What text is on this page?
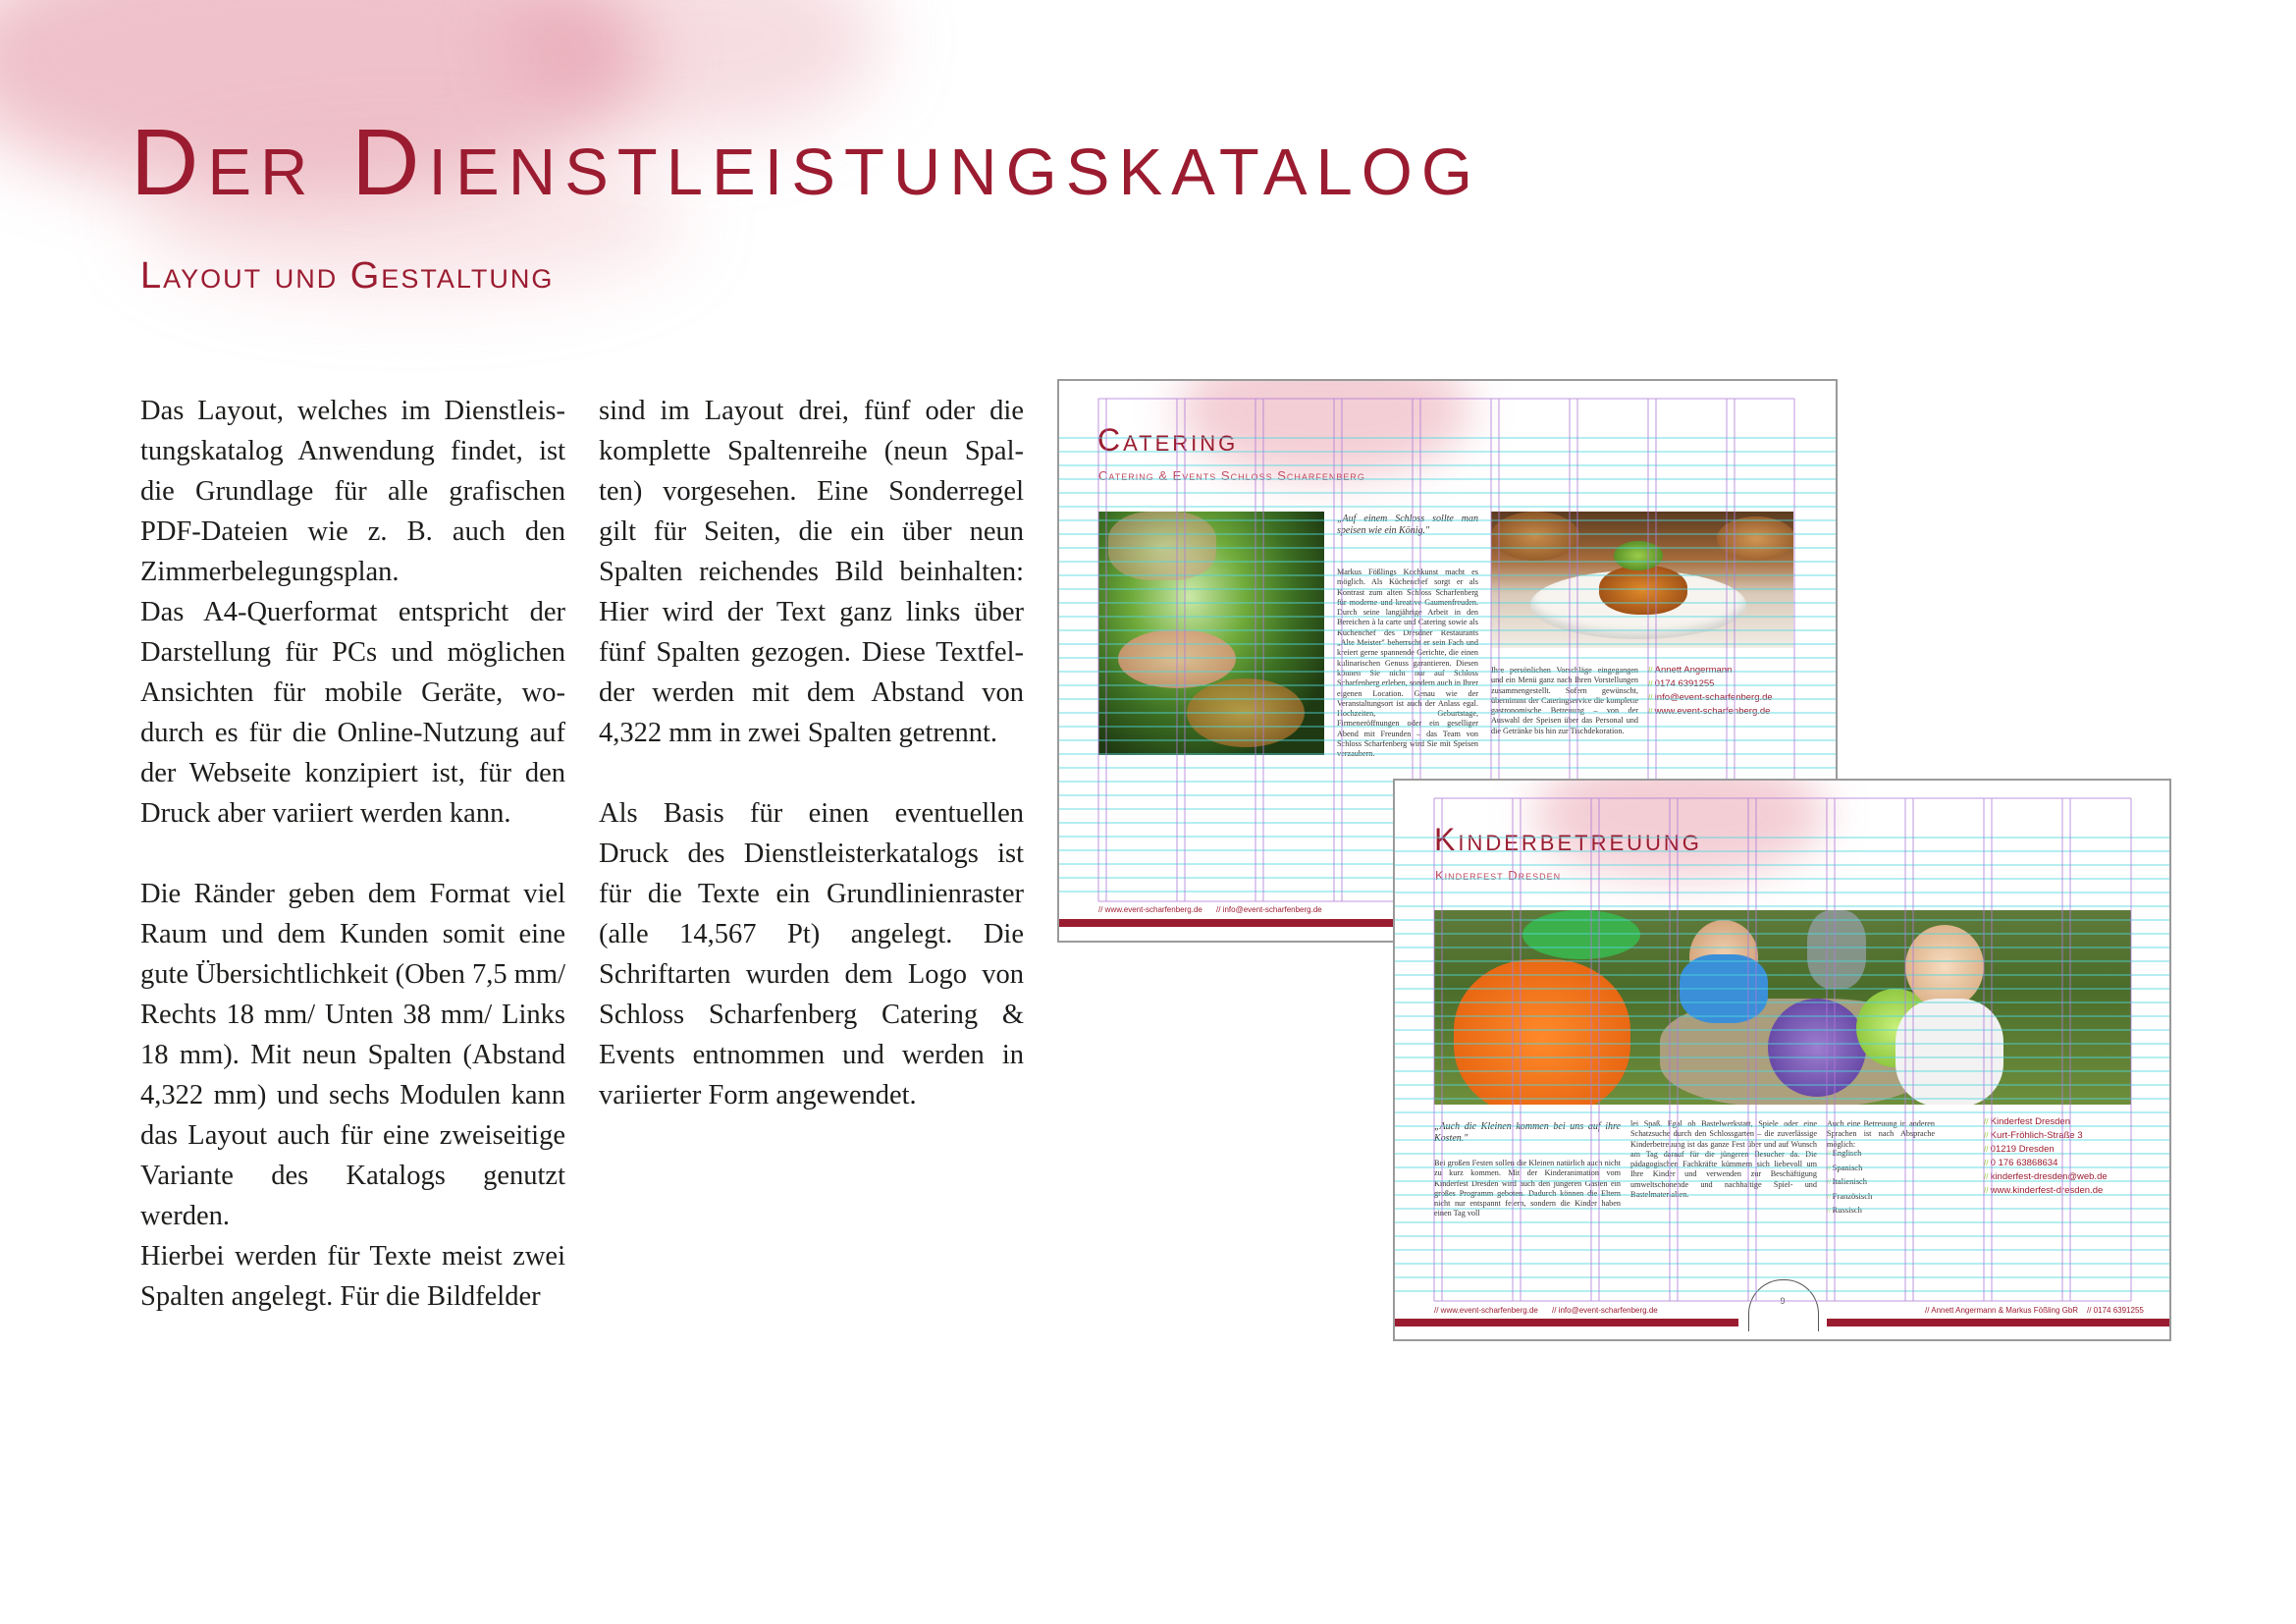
Der Dienstleistungskatalog
Layout und Gestaltung

Das Layout, welches im Dienstleistungskatalog Anwendung findet, ist die Grundlage für alle grafischen PDF-Dateien wie z. B. auch den Zimmerbelegungsplan.

Das A4-Querformat entspricht der Darstellung für PCs und möglichen Ansichten für mobile Geräte, wodurch es für die Online-Nutzung auf der Webseite konzipiert ist, für den Druck aber variiert werden kann.

Die Ränder geben dem Format viel Raum und dem Kunden somit eine gute Übersichtlichkeit (Oben 7,5 mm/ Rechts 18 mm/ Unten 38 mm/ Links 18 mm). Mit neun Spalten (Abstand 4,322 mm) und sechs Modulen kann das Layout auch für eine zweiseitige Variante des Katalogs genutzt werden.

Hierbei werden für Texte meist zwei Spalten angelegt. Für die Bildfelder

sind im Layout drei, fünf oder die komplette Spaltenreihe (neun Spalten) vorgesehen. Eine Sonderregel gilt für Seiten, die ein über neun Spalten reichendes Bild beinhalten: Hier wird der Text ganz links über fünf Spalten gezogen. Diese Textfelder werden mit dem Abstand von 4,322 mm in zwei Spalten getrennt.

Als Basis für einen eventuellen Druck des Dienstleisterkatalogs ist für die Texte ein Grundlinienraster (alle 14,567 Pt) angelegt. Die Schriftarten wurden dem Logo von Schloss Scharfenberg Catering & Events entnommen und werden in variierter Form angewendet.

Catering
Catering & Events Schloss Scharfenberg
„Auf einem Schloss sollte man speisen wie ein König."
Markus Fößlings Kochkunst macht es möglich. Als Küchenchef sorgt er als Kontrast zum alten Schloss Scharfenberg für moderne und kreative Gaumenfreuden. Durch seine langjährige Arbeit in den Bereichen à la carte und Catering sowie als Küchenchef des Dresdner Restaurants „Alte Meister" beherrscht er sein Fach und kreiert gerne spannende Gerichte, die einen kulinarischen Genuss garantieren. Diesen können Sie nicht nur auf Schloss Scharfenberg erleben, sondern auch in Ihrer eigenen Location. Genau wie der Veranstaltungsort ist auch der Anlass egal. Hochzeiten, Geburtstage, Firmeneröffnungen oder ein geselliger Abend mit Freunden – das Team von Schloss Scharfenberg wird Sie mit Speisen verzaubern.
Ihre persönlichen Vorschläge eingegangen und ein Menü ganz nach Ihren Vorstellungen zusammengestellt. Sofern gewünscht, übernimmt der Cateringservice die komplette gastronomische Betreuung – von der Auswahl der Speisen über das Personal und die Getränke bis hin zur Tischdekoration.
// Annett Angermann
// 0174 6391255
// info@event-scharfenberg.de
// www.event-scharfenberg.de
// www.event-scharfenberg.de // info@event-scharfenberg.de
Kinderbetreuung
Kinderfest Dresden
„Auch die Kleinen kommen bei uns auf ihre Kosten."
Bei großen Festen sollen die Kleinen natürlich auch nicht zu kurz kommen. Mit der Kinderanimation vom Kinderfest Dresden wird auch den jüngeren Gästen ein großes Programm geboten. Dadurch können die Eltern nicht nur entspannt feiern, sondern die Kinder haben einen Tag voll
lei Spaß. Egal ob Bastelwerkstatt, Spiele oder eine Schatzsuche durch den Schlossgarten – die zuverlässige Kinderbetreuung ist das ganze Fest über und auf Wunsch am Tag darauf für die jüngeren Besucher da. Die pädagogischen Fachkräfte kümmern sich liebevoll um Ihre Kinder und verwenden zur Beschäftigung umweltschonende und nachhaltige Spiel- und Bastelmaterialien.
Auch eine Betreuung in anderen Sprachen ist nach Absprache möglich:
// Englisch
// Spanisch
// Italienisch
// Französisch
// Russisch
// Kinderfest Dresden
// Kurt-Fröhlich-Straße 3
// 01219 Dresden
// 0 176 63868634
// kinderfest-dresden@web.de
// www.kinderfest-dresden.de
9
// www.event-scharfenberg.de // info@event-scharfenberg.de	// Annett Angermann & Markus Fößling GbR // 0174 6391255
